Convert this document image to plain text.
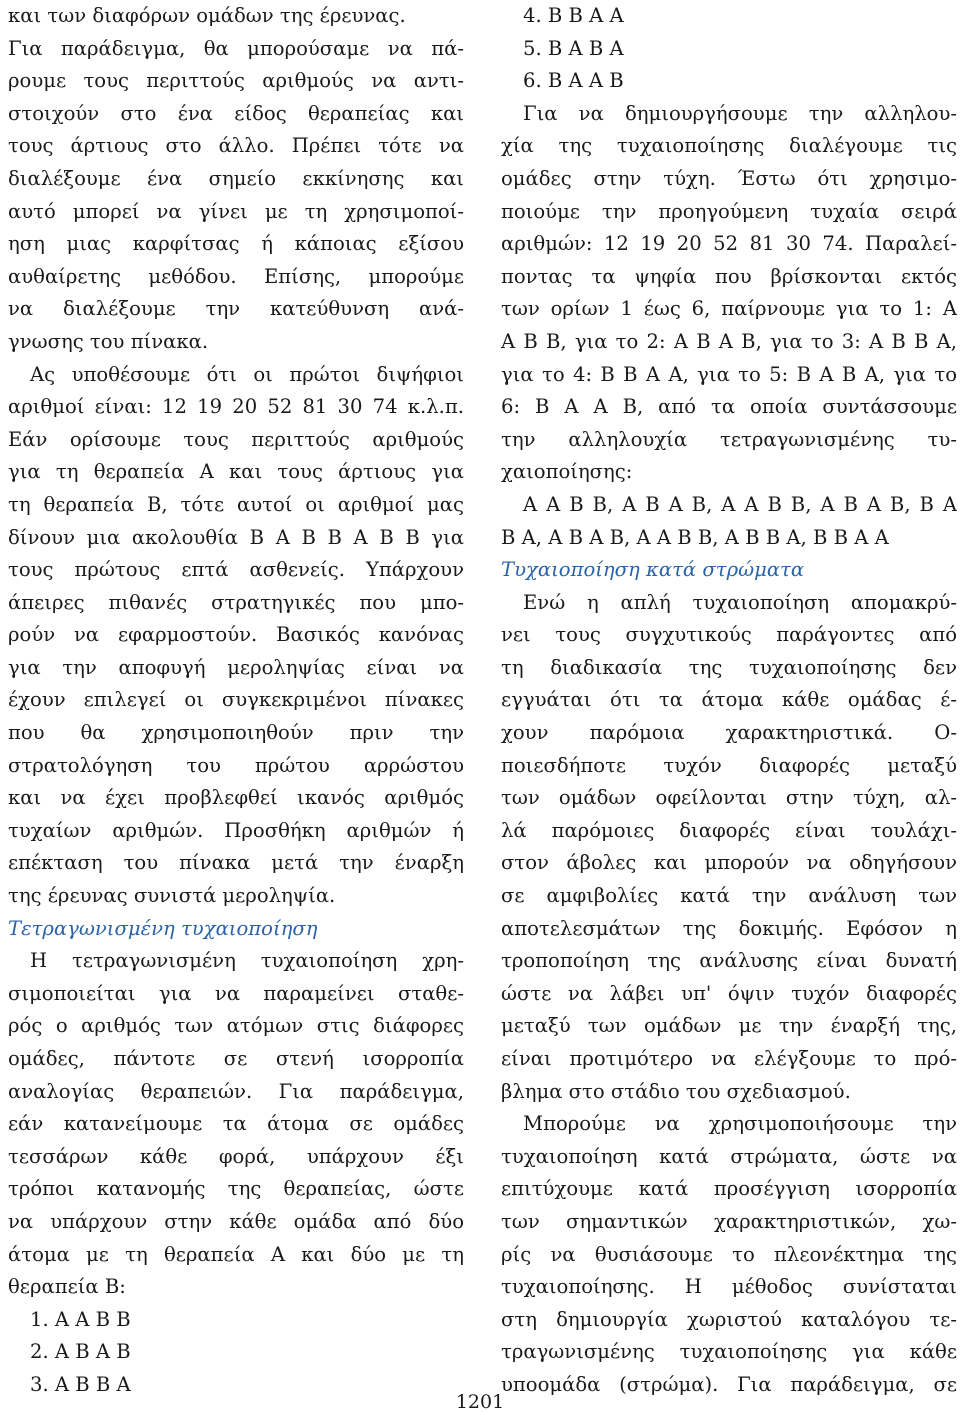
και των διαφόρων ομάδων της έρευνας.
Για παράδειγμα, θα μπορούσαμε να πά-
ρουμε τους περιττούς αριθμούς να αντι-
στοιχούν στο ένα είδος θεραπείας και
τους άρτιους στο άλλο. Πρέπει τότε να
διαλέξουμε ένα σημείο εκκίνησης και
αυτό μπορεί να γίνει με τη χρησιμοποί-
ηση μιας καρφίτσας ή κάποιας εξίσου
αυθαίρετης μεθόδου. Επίσης, μπορούμε
να διαλέξουμε την κατεύθυνση ανά-
γνωσης του πίνακα.
Ας υποθέσουμε ότι οι πρώτοι διψήφιοι
αριθμοί είναι: 12 19 20 52 81 30 74 κ.λ.π.
Εάν ορίσουμε τους περιττούς αριθμούς
για τη θεραπεία Α και τους άρτιους για
τη θεραπεία Β, τότε αυτοί οι αριθμοί μας
δίνουν μια ακολουθία Β Α Β Β Α Β Β για
τους πρώτους επτά ασθενείς. Υπάρχουν
άπειρες πιθανές στρατηγικές που μπο-
ρούν να εφαρμοστούν. Βασικός κανόνας
για την αποφυγή μεροληψίας είναι να
έχουν επιλεγεί οι συγκεκριμένοι πίνακες
που θα χρησιμοποιηθούν πριν την
στρατολόγηση του πρώτου αρρώστου
και να έχει προβλεφθεί ικανός αριθμός
τυχαίων αριθμών. Προσθήκη αριθμών ή
επέκταση του πίνακα μετά την έναρξη
της έρευνας συνιστά μεροληψία.
Τετραγωνισμένη τυχαιοποίηση
Η τετραγωνισμένη τυχαιοποίηση χρη-
σιμοποιείται για να παραμείνει σταθε-
ρός ο αριθμός των ατόμων στις διάφορες
ομάδες, πάντοτε σε στενή ισορροπία
αναλογίας θεραπειών. Για παράδειγμα,
εάν κατανείμουμε τα άτομα σε ομάδες
τεσσάρων κάθε φορά, υπάρχουν έξι
τρόποι κατανομής της θεραπείας, ώστε
να υπάρχουν στην κάθε ομάδα από δύο
άτομα με τη θεραπεία Α και δύο με τη
θεραπεία Β:
1. Α Α Β Β
2. Α Β Α Β
3. Α Β Β Α
4. Β Β Α Α
5. Β Α Β Α
6. Β Α Α Β
Για να δημιουργήσουμε την αλληλου-
χία της τυχαιοποίησης διαλέγουμε τις
ομάδες στην τύχη. Έστω ότι χρησιμο-
ποιούμε την προηγούμενη τυχαία σειρά
αριθμών: 12 19 20 52 81 30 74. Παραλεί-
ποντας τα ψηφία που βρίσκονται εκτός
των ορίων 1 έως 6, παίρνουμε για το 1: Α
Α Β Β, για το 2: Α Β Α Β, για το 3: Α Β Β Α,
για το 4: Β Β Α Α, για το 5: Β Α Β Α, για το
6: Β Α Α Β, από τα οποία συντάσσουμε
την αλληλουχία τετραγωνισμένης τυ-
χαιοποίησης:
Α Α Β Β, Α Β Α Β, Α Α Β Β, Α Β Α Β, Β Α
Β Α, Α Β Α Β, Α Α Β Β, Α Β Β Α, Β Β Α Α
Τυχαιοποίηση κατά στρώματα
Ενώ η απλή τυχαιοποίηση απομακρύ-
νει τους συγχυτικούς παράγοντες από
τη διαδικασία της τυχαιοποίησης δεν
εγγυάται ότι τα άτομα κάθε ομάδας έ-
χουν παρόμοια χαρακτηριστικά. Ο-
ποιεσδήποτε τυχόν διαφορές μεταξύ
των ομάδων οφείλονται στην τύχη, αλ-
λά παρόμοιες διαφορές είναι τουλάχι-
στον άβολες και μπορούν να οδηγήσουν
σε αμφιβολίες κατά την ανάλυση των
αποτελεσμάτων της δοκιμής. Εφόσον η
τροποποίηση της ανάλυσης είναι δυνατή
ώστε να λάβει υπ' όψιν τυχόν διαφορές
μεταξύ των ομάδων με την έναρξή της,
είναι προτιμότερο να ελέγξουμε το πρό-
βλημα στο στάδιο του σχεδιασμού.
Μπορούμε να χρησιμοποιήσουμε την
τυχαιοποίηση κατά στρώματα, ώστε να
επιτύχουμε κατά προσέγγιση ισορροπία
των σημαντικών χαρακτηριστικών, χω-
ρίς να θυσιάσουμε το πλεονέκτημα της
τυχαιοποίησης. Η μέθοδος συνίσταται
στη δημιουργία χωριστού καταλόγου τε-
τραγωνισμένης τυχαιοποίησης για κάθε
υποομάδα (στρώμα). Για παράδειγμα, σε
1201
